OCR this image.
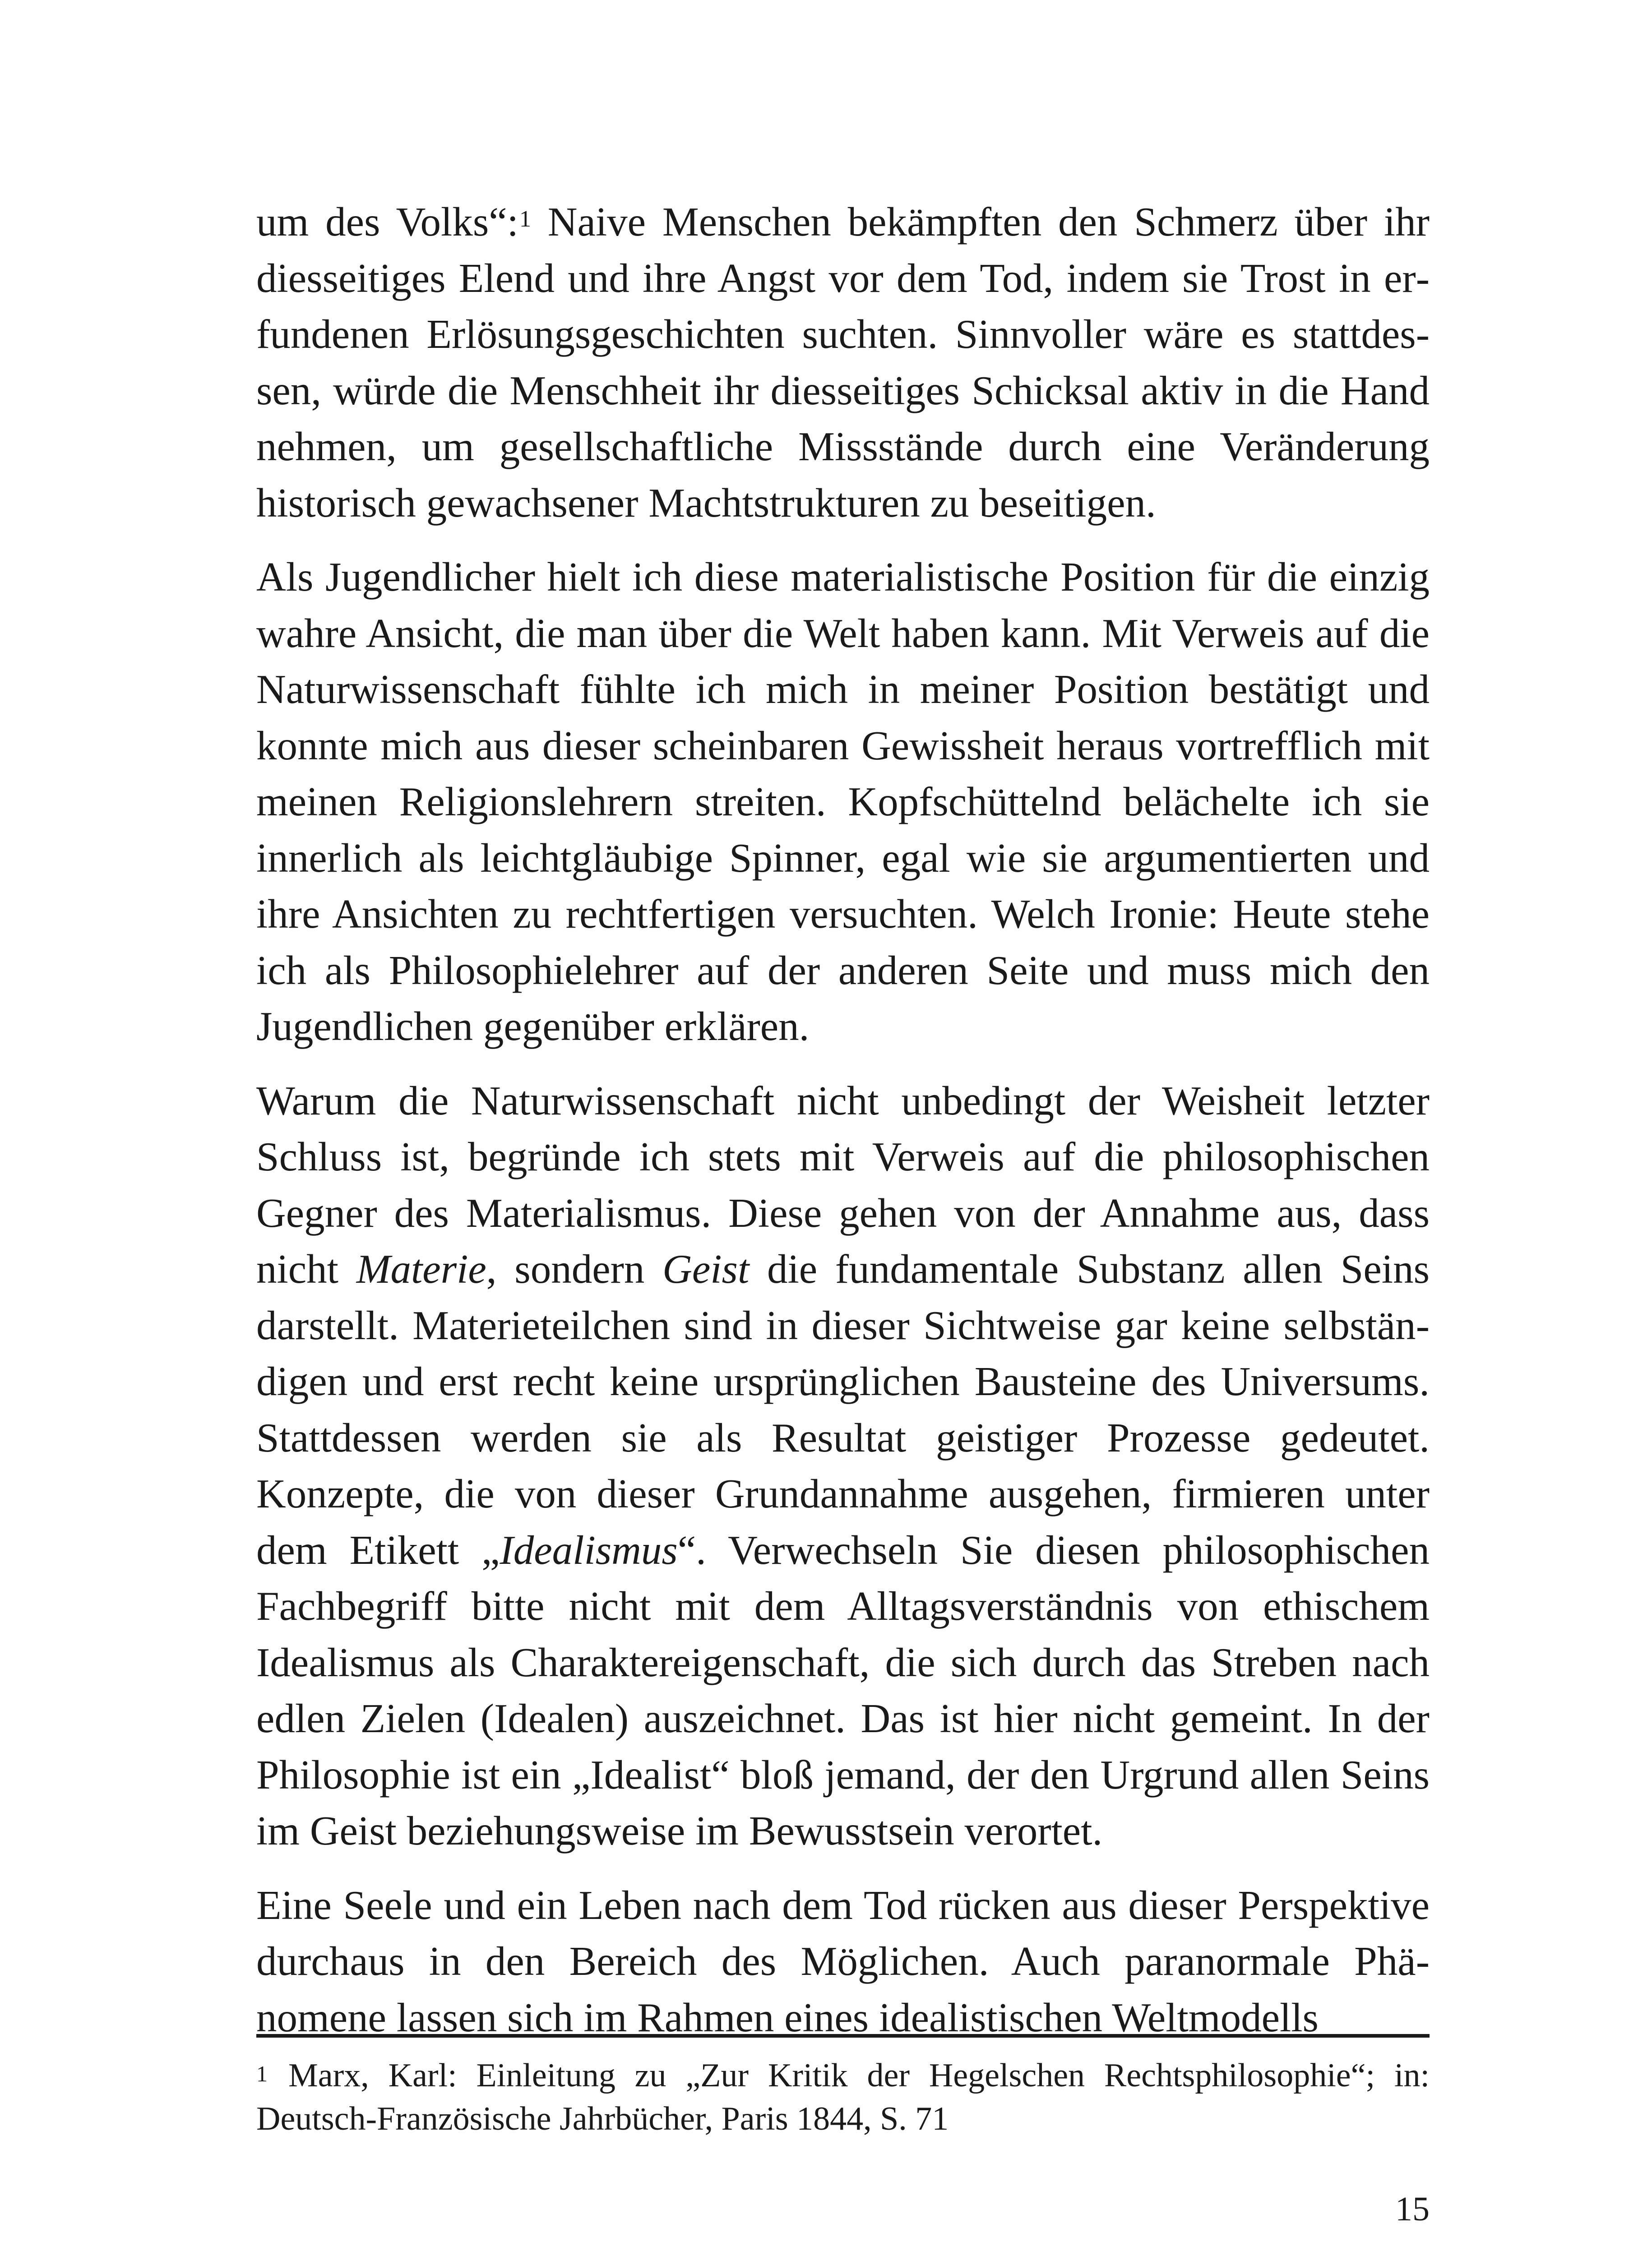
um des Volks“:$^1$ Naive Menschen bekämpften den Schmerz über ihr diesseitiges Elend und ihre Angst vor dem Tod, indem sie Trost in erfundenen Erlösungsgeschichten suchten. Sinnvoller wäre es stattdessen, würde die Menschheit ihr diesseitiges Schicksal aktiv in die Hand nehmen, um gesellschaftliche Missstände durch eine Veränderung historisch gewachsener Machtstrukturen zu beseitigen.

Als Jugendlicher hielt ich diese materialistische Position für die einzig wahre Ansicht, die man über die Welt haben kann. Mit Verweis auf die Naturwissenschaft fühlte ich mich in meiner Position bestätigt und konnte mich aus dieser scheinbaren Gewissheit heraus vortrefflich mit meinen Religionslehrern streiten. Kopfschüttelnd belächelte ich sie innerlich als leichtgläubige Spinner, egal wie sie argumentierten und ihre Ansichten zu rechtfertigen versuchten. Welch Ironie: Heute stehe ich als Philosophielehrer auf der anderen Seite und muss mich den Jugendlichen gegenüber erklären.

Warum die Naturwissenschaft nicht unbedingt der Weisheit letzter Schluss ist, begründe ich stets mit Verweis auf die philosophischen Gegner des Materialismus. Diese gehen von der Annahme aus, dass nicht Materie, sondern Geist die fundamentale Substanz allen Seins darstellt. Materieteilchen sind in dieser Sichtweise gar keine selbständigen und erst recht keine ursprünglichen Bausteine des Universums. Stattdessen werden sie als Resultat geistiger Prozesse gedeutet. Konzepte, die von dieser Grundannahme ausgehen, firmieren unter dem Etikett „Idealismus“. Verwechseln Sie diesen philosophischen Fachbegriff bitte nicht mit dem Alltagsverständnis von ethischem Idealismus als Charaktereigenschaft, die sich durch das Streben nach edlen Zielen (Idealen) auszeichnet. Das ist hier nicht gemeint. In der Philosophie ist ein „Idealist“ bloß jemand, der den Urgrund allen Seins im Geist beziehungsweise im Bewusstsein verortet.

Eine Seele und ein Leben nach dem Tod rücken aus dieser Perspektive durchaus in den Bereich des Möglichen. Auch paranormale Phänomene lassen sich im Rahmen eines idealistischen Weltmodells

$^1$ Marx, Karl: Einleitung zu „Zur Kritik der Hegelschen Rechtsphilosophie“; in: Deutsch-Französische Jahrbücher, Paris 1844, S. 71
15
